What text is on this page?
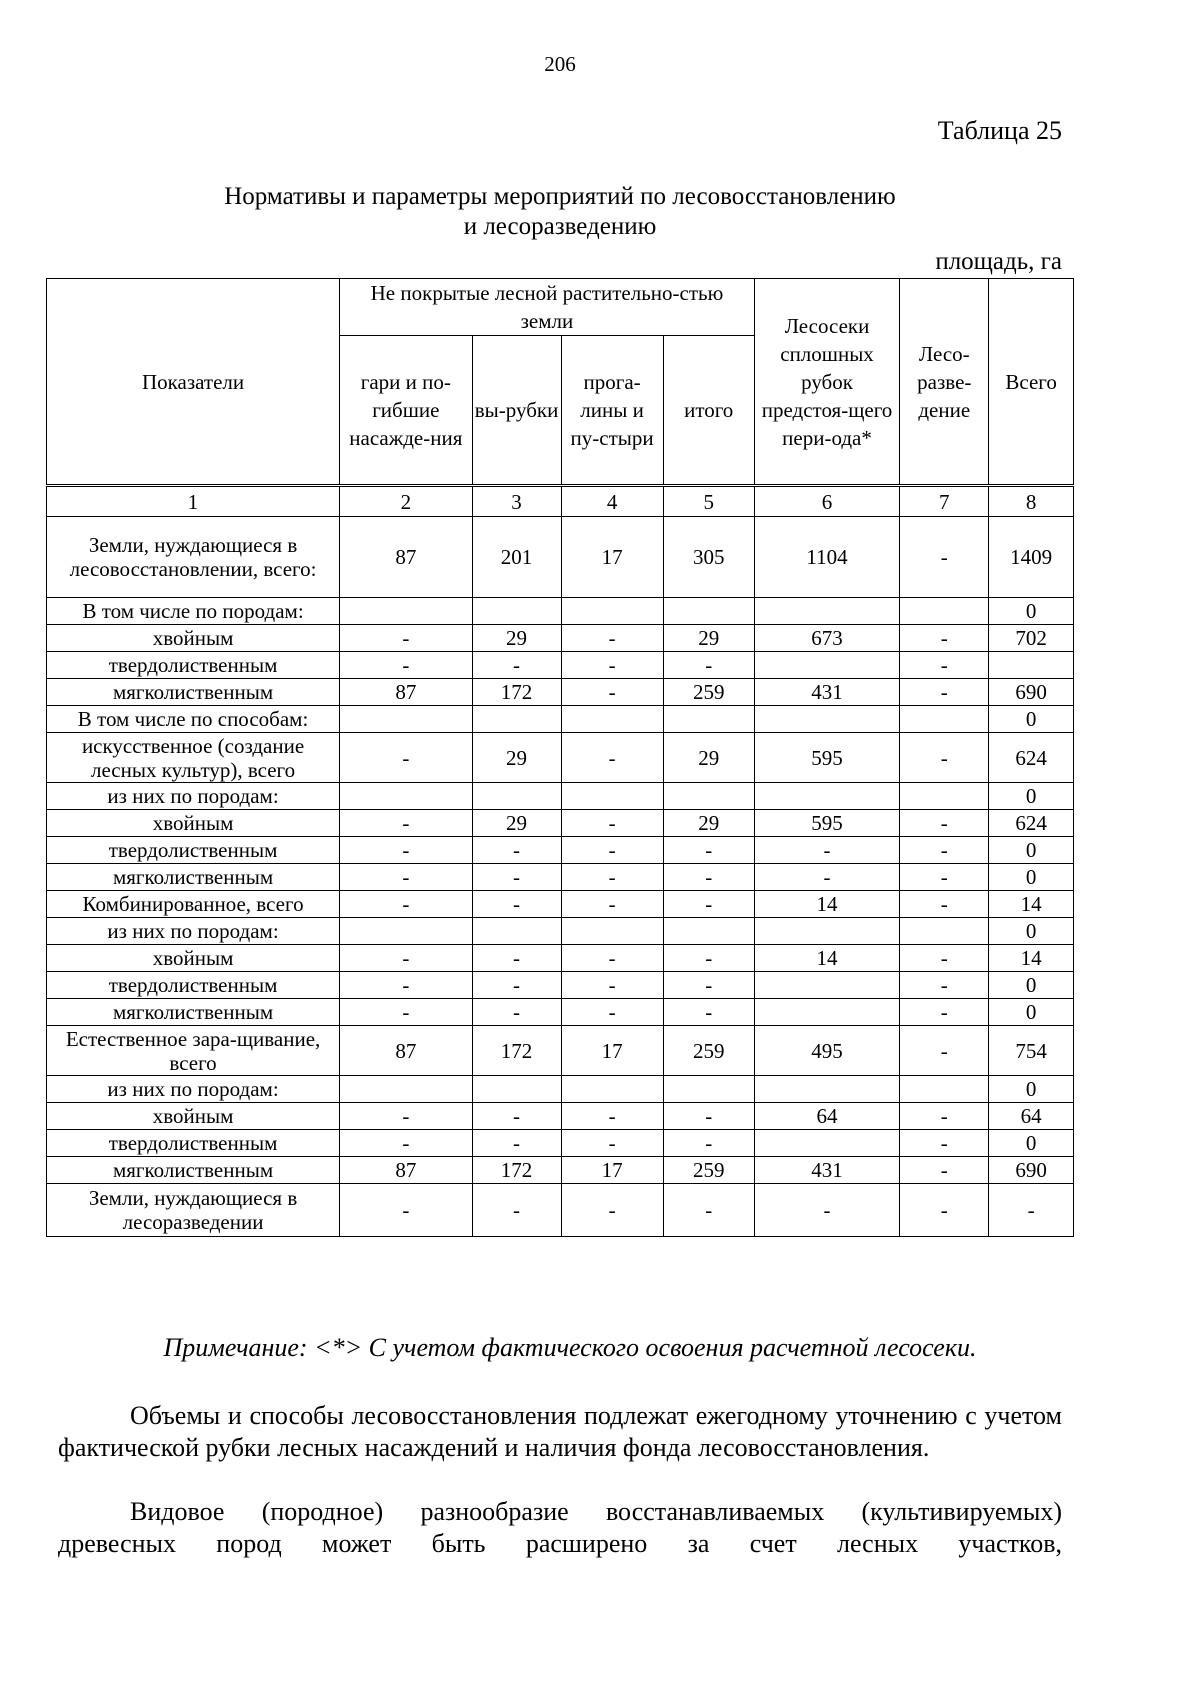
206
Таблица 25
Нормативы и параметры мероприятий по лесовосстановлению
и лесоразведению
площадь, га
Показатели	Не покрытые лесной растительно-стью земли				Лесосеки сплошных рубок предстоя-щего пери-ода*	Лесо-разве-дение	Всего
	гари и по-гибшие насажде-ния	вы-рубки	прога-лины и пу-стыри	итого			
1	2	3	4	5	6	7	8
Земли, нуждающиеся в лесовосстановлении, всего:	87	201	17	305	1104	-	1409
В том числе по породам:							0
хвойным	-	29	-	29	673	-	702
твердолиственным	-	-	-	-		-	
мягколиственным	87	172	-	259	431	-	690
В том числе по способам:							0
искусственное (создание лесных культур), всего	-	29	-	29	595	-	624
из них по породам:							0
хвойным	-	29	-	29	595	-	624
твердолиственным	-	-	-	-	-	-	0
мягколиственным	-	-	-	-	-	-	0
Комбинированное, всего	-	-	-	-	14	-	14
из них по породам:							0
хвойным	-	-	-	-	14	-	14
твердолиственным	-	-	-	-		-	0
мягколиственным	-	-	-	-		-	0
Естественное зара-щивание, всего	87	172	17	259	495	-	754
из них по породам:							0
хвойным	-	-	-	-	64	-	64
твердолиственным	-	-	-	-		-	0
мягколиственным	87	172	17	259	431	-	690
Земли, нуждающиеся в лесоразведении	-	-	-	-	-	-	-
Примечание: <*> С учетом фактического освоения расчетной лесосеки.

Объемы и способы лесовосстановления подлежат ежегодному уточнению с учетом фактической рубки лесных насаждений и наличия фонда лесовосстановления.

Видовое (породное) разнообразие восстанавливаемых (культивируемых) древесных пород может быть расширено за счет лесных участков,
